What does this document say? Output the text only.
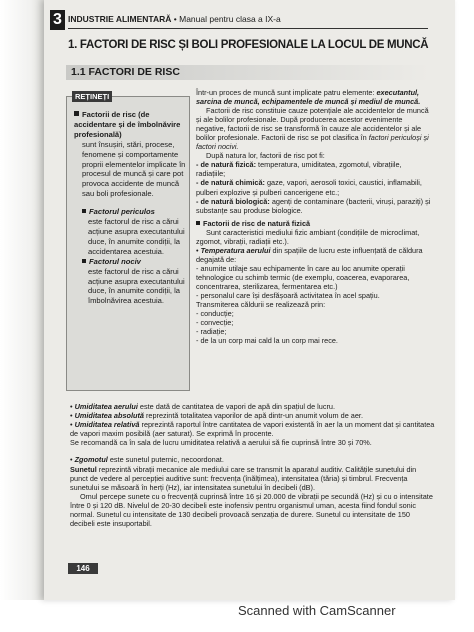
3 INDUSTRIE ALIMENTARĂ • Manual pentru clasa a IX-a
1. FACTORI DE RISC ȘI BOLI PROFESIONALE LA LOCUL DE MUNCĂ
1.1 FACTORI DE RISC
REȚINEȚI

Factorii de risc (de accidentare și de îmbolnăvire profesională)

sunt însușiri, stări, procese, fenomene și comportamente proprii elementelor implicate în procesul de muncă și care pot provoca accidente de muncă sau boli profesionale.

Factorul periculos

este factorul de risc a cărui acțiune asupra executantului duce, în anumite condiții, la accidentarea acestuia.

Factorul nociv

este factorul de risc a cărui acțiune asupra executantului duce, în anumite condiții, la îmbolnăvirea acestuia.

Într-un proces de muncă sunt implicate patru elemente: executantul, sarcina de muncă, echipamentele de muncă și mediul de muncă.

Factorii de risc constituie cauze potențiale ale accidentelor de muncă și ale bolilor profesionale. După producerea acestor evenimente negative, factorii de risc se transformă în cauze ale accidentelor și ale bolilor profesionale. Factorii de risc se pot clasifica în factori periculoși și factori nocivi.

După natura lor, factorii de risc pot fi:

- de natură fizică: temperatura, umiditatea, zgomotul, vibrațiile, radiațiile;

- de natură chimică: gaze, vapori, aerosoli toxici, caustici, inflamabili, pulberi explozive și pulberi cancerigene etc.;

- de natură biologică: agenți de contaminare (bacterii, viruși, paraziți) și substanțe sau produse biologice.

Factorii de risc de natură fizică

Sunt caracteristici mediului fizic ambiant (condițiile de microclimat, zgomot, vibrații, radiații etc.).

• Temperatura aerului din spațiile de lucru este influențată de căldura degajată de:

- anumite utilaje sau echipamente în care au loc anumite operații tehnologice cu schimb termic (de exemplu, coacerea, evaporarea, concentrarea, sterilizarea, fermentarea etc.)

- personalul care își desfășoară activitatea în acel spațiu.

Transmiterea căldurii se realizează prin:

- conducție;

- convecție;

- radiație;

- de la un corp mai cald la un corp mai rece.

• Umiditatea aerului este dată de cantitatea de vapori de apă din spațiul de lucru.

• Umiditatea absolută reprezintă totalitatea vaporilor de apă dintr-un anumit volum de aer.

• Umiditatea relativă reprezintă raportul între cantitatea de vapori existentă în aer la un moment dat și cantitatea de vapori maxim posibilă (aer saturat). Se exprimă în procente.

Se recomandă ca în sala de lucru umiditatea relativă a aerului să fie cuprinsă între 30 și 70%.

• Zgomotul este sunetul puternic, necoordonat.

Sunetul reprezintă vibrații mecanice ale mediului care se transmit la aparatul auditiv. Calitățile sunetului din punct de vedere al percepției auditive sunt: frecvența (înălțimea), intensitatea (tăria) și timbrul. Frecvența sunetului se măsoară în herți (Hz), iar intensitatea sunetului în decibeli (dB).

Omul percepe sunete cu o frecvență cuprinsă între 16 și 20.000 de vibrații pe secundă (Hz) și cu o intensitate între 0 și 120 dB. Nivelul de 20-30 decibeli este inofensiv pentru organismul uman, acesta fiind fondul sonic normal. Sunetul cu intensitate de 130 decibeli provoacă senzația de durere. Sunetul cu intensitate de 150 decibeli este insuportabil.

146
Scanned with CamScanner
